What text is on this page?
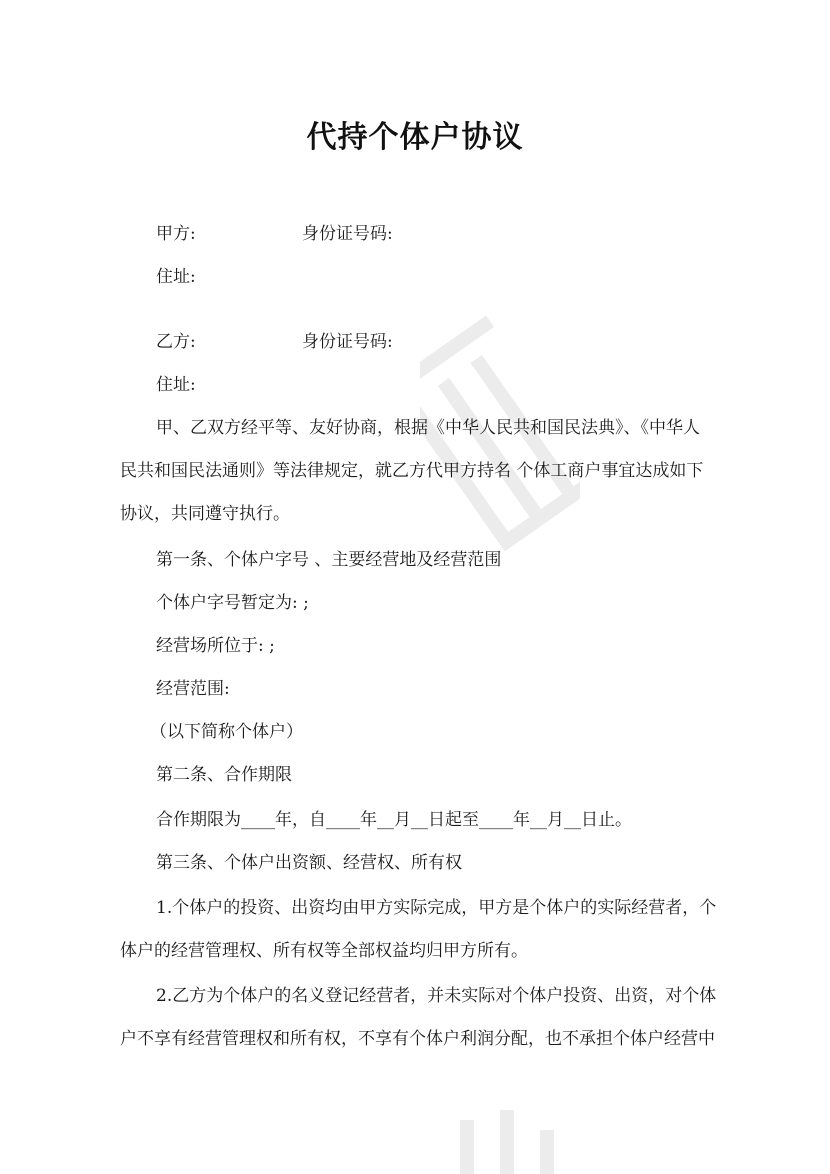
代持个体户协议
甲方:	身份证号码:
住址:
乙方:	身份证号码:
住址:
甲、乙双方经平等、友好协商，根据《中华人民共和国民法典》、《中华人
民共和国民法通则》等法律规定，就乙方代甲方持名 个体工商户事宜达成如下
协议，共同遵守执行。
第一条、个体户字号 、主要经营地及经营范围
个体户字号暂定为: ;
经营场所位于: ;
经营范围:
（以下简称个体户）
第二条、合作期限
合作期限为____年，自____年__月__日起至____年__月__日止。
第三条、个体户出资额、经营权、所有权
1.个体户的投资、出资均由甲方实际完成，甲方是个体户的实际经营者，个
体户的经营管理权、所有权等全部权益均归甲方所有。
2.乙方为个体户的名义登记经营者，并未实际对个体户投资、出资，对个体
户不享有经营管理权和所有权，不享有个体户利润分配，也不承担个体户经营中
